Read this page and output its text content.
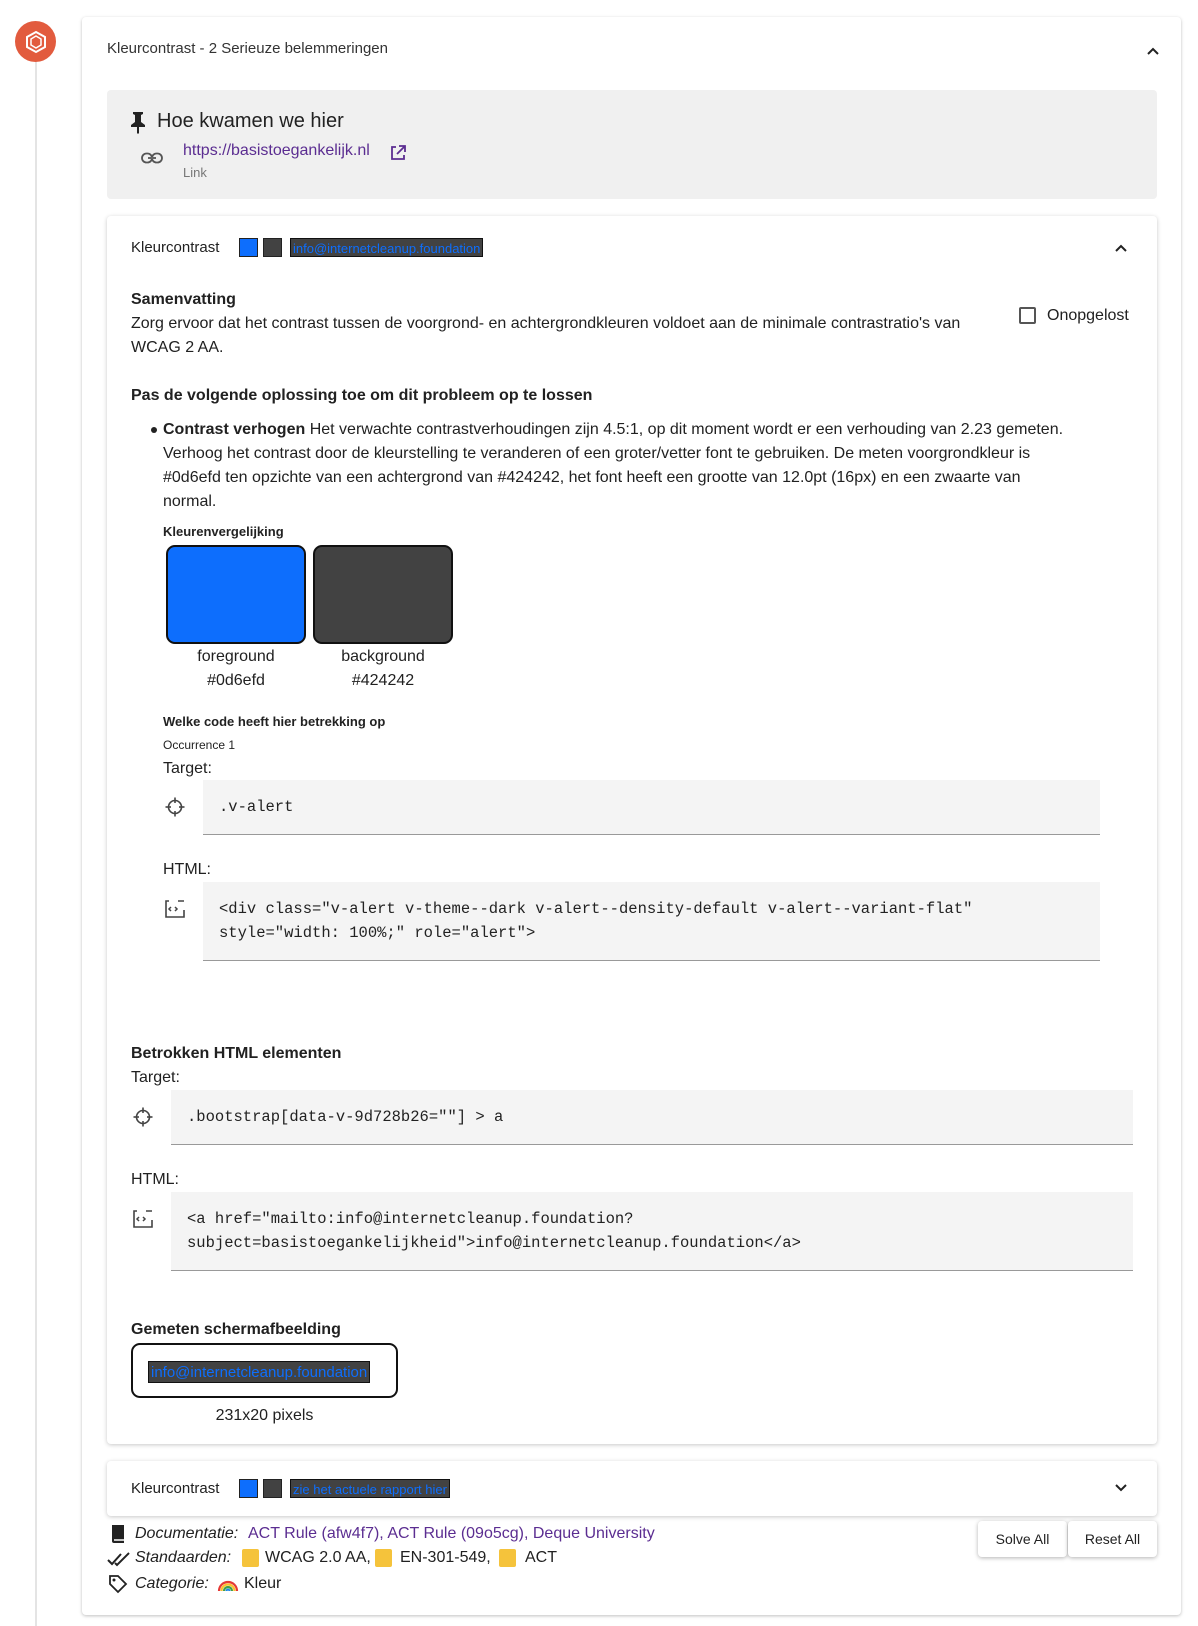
Kleurcontrast - 2 Serieuze belemmeringen
Hoe kwamen we hier
https://basistoegankelijk.nl
Link
Kleurcontrast	info@internetcleanup.foundation
Samenvatting
Zorg ervoor dat het contrast tussen de voorgrond- en achtergrondkleuren voldoet aan de minimale contrastratio's van
WCAG 2 AA.
Onopgelost
Pas de volgende oplossing toe om dit probleem op te lossen
Contrast verhogen Het verwachte contrastverhoudingen zijn 4.5:1, op dit moment wordt er een verhouding van 2.23 gemeten.
Verhoog het contrast door de kleurstelling te veranderen of een groter/vetter font te gebruiken. De meten voorgrondkleur is
#0d6efd ten opzichte van een achtergrond van #424242, het font heeft een grootte van 12.0pt (16px) en een zwaarte van
normal.
Kleurenvergelijking
foreground
#0d6efd
background
#424242
Welke code heeft hier betrekking op
Occurrence 1
Target:
.v-alert
HTML:
<div class="v-alert v-theme--dark v-alert--density-default v-alert--variant-flat"
style="width: 100%;" role="alert">
Betrokken HTML elementen
Target:
.bootstrap[data-v-9d728b26=""] > a
HTML:
<a href="mailto:info@internetcleanup.foundation?
subject=basistoegankelijkheid">info@internetcleanup.foundation</a>
Gemeten schermafbeelding
info@internetcleanup.foundation
231x20 pixels
Kleurcontrast	zie het actuele rapport hier
Documentatie: ACT Rule (afw4f7), ACT Rule (09o5cg), Deque University
Standaarden: WCAG 2.0 AA, EN-301-549, ACT
Categorie: Kleur
Solve All	Reset All
